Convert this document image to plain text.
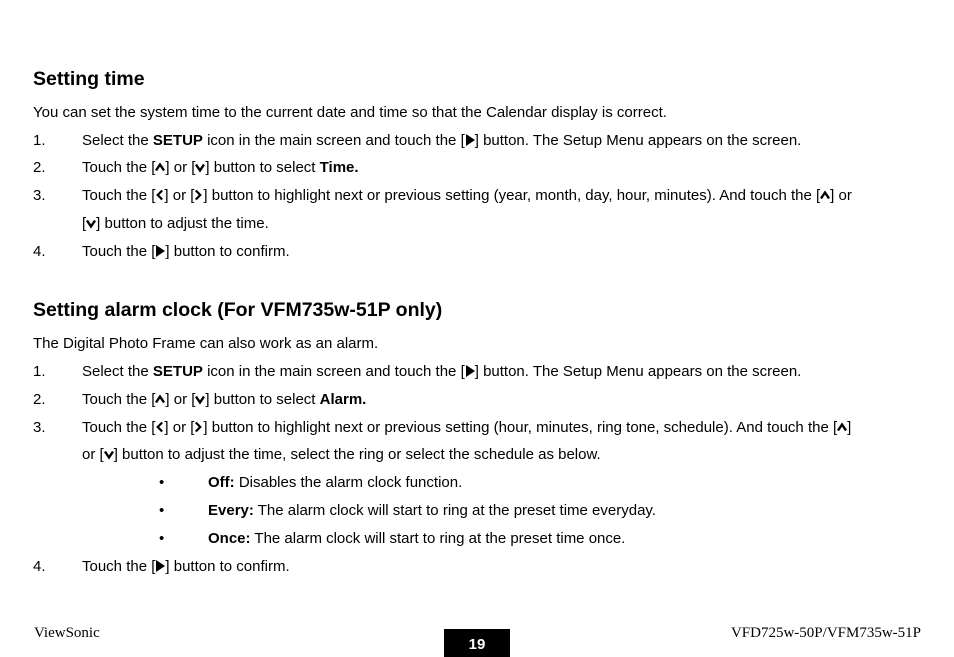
Setting time
You can set the system time to the current date and time so that the Calendar display is correct.
1. Select the SETUP icon in the main screen and touch the [ ] button. The Setup Menu appears on the screen.
2. Touch the [ ] or [ ] button to select Time.
3. Touch the [ ] or [ ] button to highlight next or previous setting (year, month, day, hour, minutes). And touch the [ ] or
[ ] button to adjust the time.
4. Touch the [ ] button to confirm.
Setting alarm clock (For VFM735w-51P only)
The Digital Photo Frame can also work as an alarm.
1. Select the SETUP icon in the main screen and touch the [ ] button. The Setup Menu appears on the screen.
2. Touch the [ ] or [ ] button to select Alarm.
3. Touch the [ ] or [ ] button to highlight next or previous setting (hour, minutes, ring tone, schedule). And touch the [ ]
or [ ] button to adjust the time, select the ring or select the schedule as below.
•	Off: Disables the alarm clock function.
•	Every: The alarm clock will start to ring at the preset time everyday.
•	Once: The alarm clock will start to ring at the preset time once.
4. Touch the [ ] button to confirm.
ViewSonic
19
VFD725w-50P/VFM735w-51P
